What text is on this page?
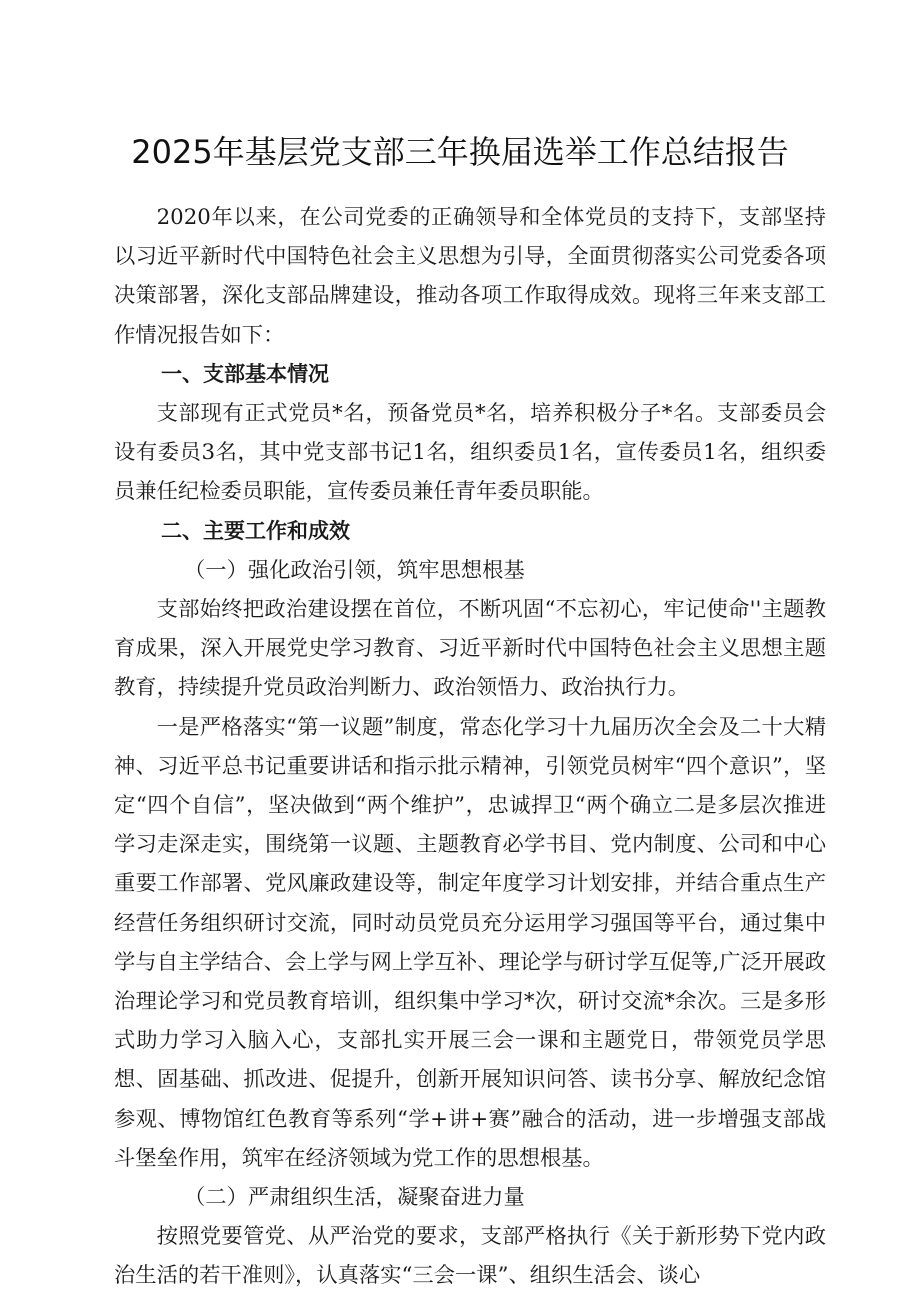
2025年基层党支部三年换届选举工作总结报告

2020年以来，在公司党委的正确领导和全体党员的支持下，支部坚持以习近平新时代中国特色社会主义思想为引导，全面贯彻落实公司党委各项决策部署，深化支部品牌建设，推动各项工作取得成效。现将三年来支部工作情况报告如下：

一、支部基本情况

支部现有正式党员*名，预备党员*名，培养积极分子*名。支部委员会设有委员3名，其中党支部书记1名，组织委员1名，宣传委员1名，组织委员兼任纪检委员职能，宣传委员兼任青年委员职能。

二、主要工作和成效

（一）强化政治引领，筑牢思想根基

支部始终把政治建设摆在首位，不断巩固“不忘初心，牢记使命''主题教育成果，深入开展党史学习教育、习近平新时代中国特色社会主义思想主题教育，持续提升党员政治判断力、政治领悟力、政治执行力。

一是严格落实“第一议题”制度，常态化学习十九届历次全会及二十大精神、习近平总书记重要讲话和指示批示精神，引领党员树牢“四个意识”，坚定“四个自信”，坚决做到“两个维护”，忠诚捍卫“两个确立二是多层次推进学习走深走实，围绕第一议题、主题教育必学书目、党内制度、公司和中心重要工作部署、党风廉政建设等，制定年度学习计划安排，并结合重点生产经营任务组织研讨交流，同时动员党员充分运用学习强国等平台，通过集中学与自主学结合、会上学与网上学互补、理论学与研讨学互促等,广泛开展政治理论学习和党员教育培训，组织集中学习*次，研讨交流*余次。三是多形式助力学习入脑入心，支部扎实开展三会一课和主题党日，带领党员学思想、固基础、抓改进、促提升，创新开展知识问答、读书分享、解放纪念馆参观、博物馆红色教育等系列“学+讲+赛”融合的活动，进一步增强支部战斗堡垒作用，筑牢在经济领域为党工作的思想根基。

（二）严肃组织生活，凝聚奋进力量

按照党要管党、从严治党的要求，支部严格执行《关于新形势下党内政治生活的若干准则》，认真落实“三会一课”、组织生活会、谈心
